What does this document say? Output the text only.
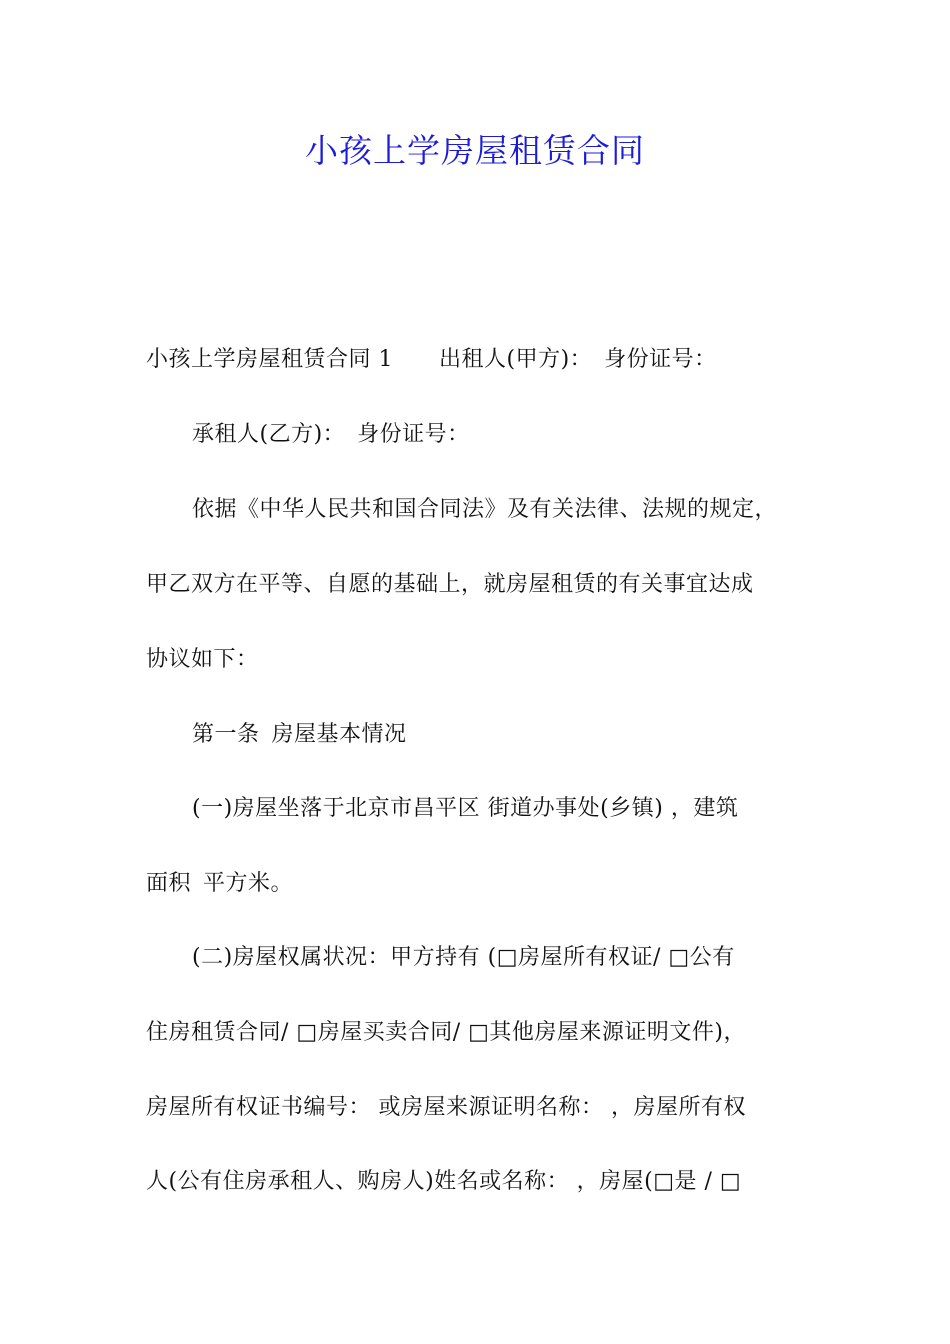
小孩上学房屋租赁合同
小孩上学房屋租赁合同 1 出租人(甲方)： 身份证号：
承租人(乙方)： 身份证号：
依据《中华人民共和国合同法》及有关法律、法规的规定，
甲乙双方在平等、自愿的基础上，就房屋租赁的有关事宜达成
协议如下：
第一条 房屋基本情况
(一)房屋坐落于北京市昌平区 街道办事处(乡镇) ，建筑
面积 平方米。
(二)房屋权属状况：甲方持有 (□房屋所有权证/ □公有
住房租赁合同/ □房屋买卖合同/ □其他房屋来源证明文件)，
房屋所有权证书编号： 或房屋来源证明名称： ，房屋所有权
人(公有住房承租人、购房人)姓名或名称： ，房屋(□是 / □
